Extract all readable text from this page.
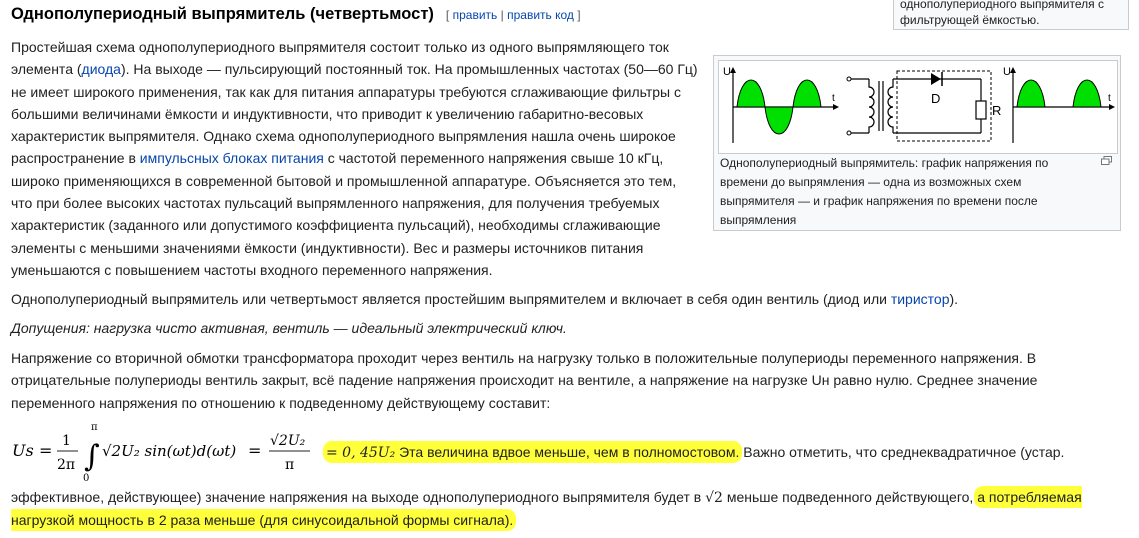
Однополупериодный выпрямитель (четвертьмост) [ править | править код ]
однополупериодного выпрямителя с
фильтрующей ёмкостью.
Простейшая схема однополупериодного выпрямителя состоит только из одного выпрямляющего ток элемента (диода). На выходе — пульсирующий постоянный ток. На промышленных частотах (50—60 Гц) не имеет широкого применения, так как для питания аппаратуры требуются сглаживающие фильтры с большими величинами ёмкости и индуктивности, что приводит к увеличению габаритно-весовых характеристик выпрямителя. Однако схема однополупериодного выпрямления нашла очень широкое распространение в импульсных блоках питания с частотой переменного напряжения свыше 10 кГц, широко применяющихся в современной бытовой и промышленной аппаратуре. Объясняется это тем, что при более высоких частотах пульсаций выпрямленного напряжения, для получения требуемых характеристик (заданного или допустимого коэффициента пульсаций), необходимы сглаживающие элементы с меньшими значениями ёмкости (индуктивности). Вес и размеры источников питания уменьшаются с повышением частоты входного переменного напряжения.
U
t	D
R
U
t
Однополупериодный выпрямитель: график напряжения по времени до выпрямления — одна из возможных схем выпрямителя — и график напряжения по времени после выпрямления
Однополупериодный выпрямитель или четвертьмост является простейшим выпрямителем и включает в себя один вентиль (диод или тиристор).
Допущения: нагрузка чисто активная, вентиль — идеальный электрический ключ.
Напряжение со вторичной обмотки трансформатора проходит через вентиль на нагрузку только в положительные полупериоды переменного напряжения. В отрицательные полупериоды вентиль закрыт, всё падение напряжения происходит на вентиле, а напряжение на нагрузке Uн равно нулю. Среднее значение переменного напряжения по отношению к подведенному действующему составит:
Us = 1
2π ∫
π
0
√2U₂ sin(ωt)d(ωt) = √2U₂
π
= 0, 45U₂ Эта величина вдвое меньше, чем в полномостовом. Важно отметить, что среднеквадратичное (устар.
эффективное, действующее) значение напряжения на выходе однополупериодного выпрямителя будет в √2 меньше подведенного действующего, а потребляемая нагрузкой мощность в 2 раза меньше (для синусоидальной формы сигнала).
